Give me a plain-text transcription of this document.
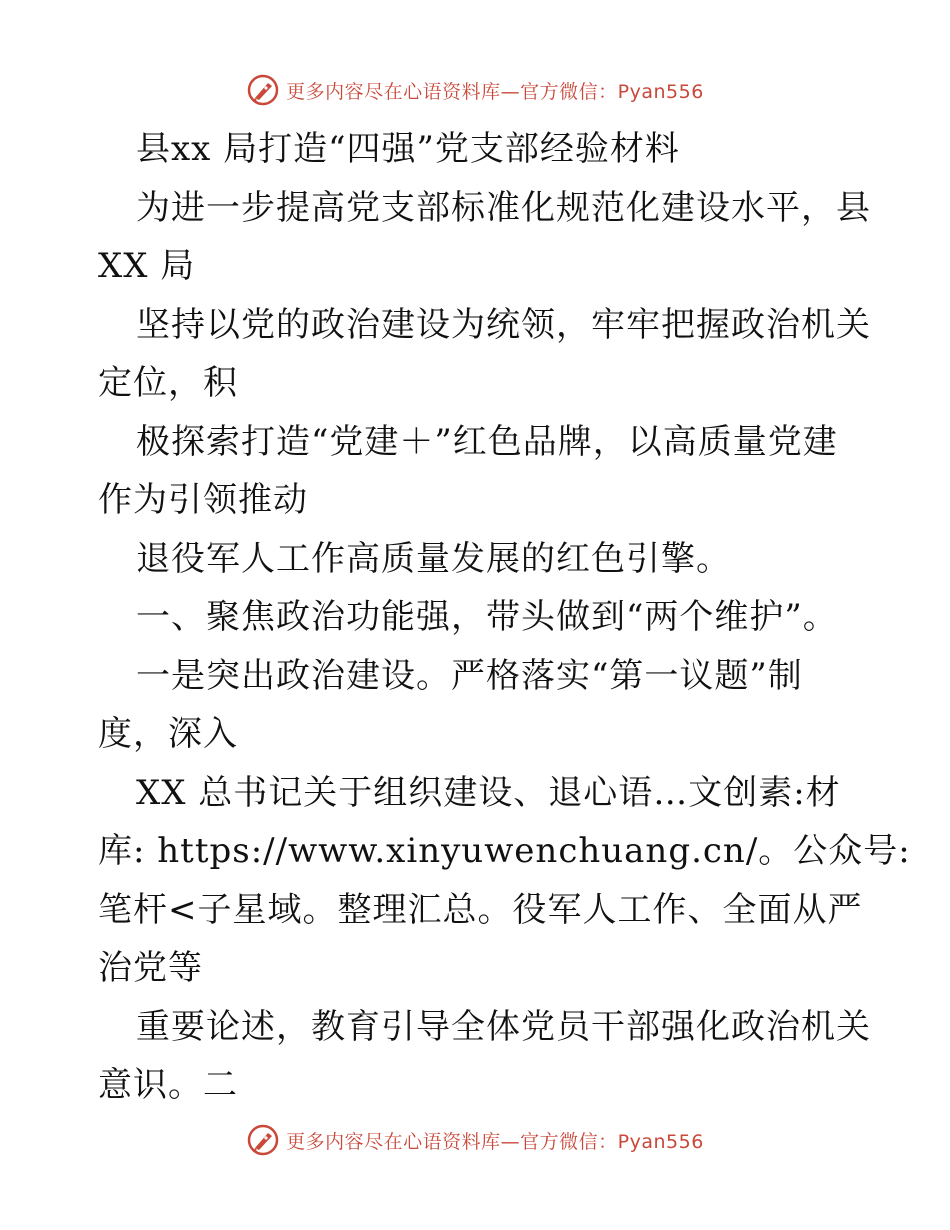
更多内容尽在心语资料库—官方微信：Pyan556
县xx 局打造“四强”党支部经验材料
为进一步提高党支部标准化规范化建设水平，县
XX 局
坚持以党的政治建设为统领，牢牢把握政治机关
定位，积
极探索打造“党建＋”红色品牌，以高质量党建
作为引领推动
退役军人工作高质量发展的红色引擎。
一、聚焦政治功能强，带头做到“两个维护”。
一是突出政治建设。严格落实“第一议题”制
度，深入
XX 总书记关于组织建设、退心语…文创素:材
库: https://www.xinyuwenchuang.cn/。公众号:
笔杆<子星域。整理汇总。役军人工作、全面从严
治党等
重要论述，教育引导全体党员干部强化政治机关
意识。二
更多内容尽在心语资料库—官方微信：Pyan556
